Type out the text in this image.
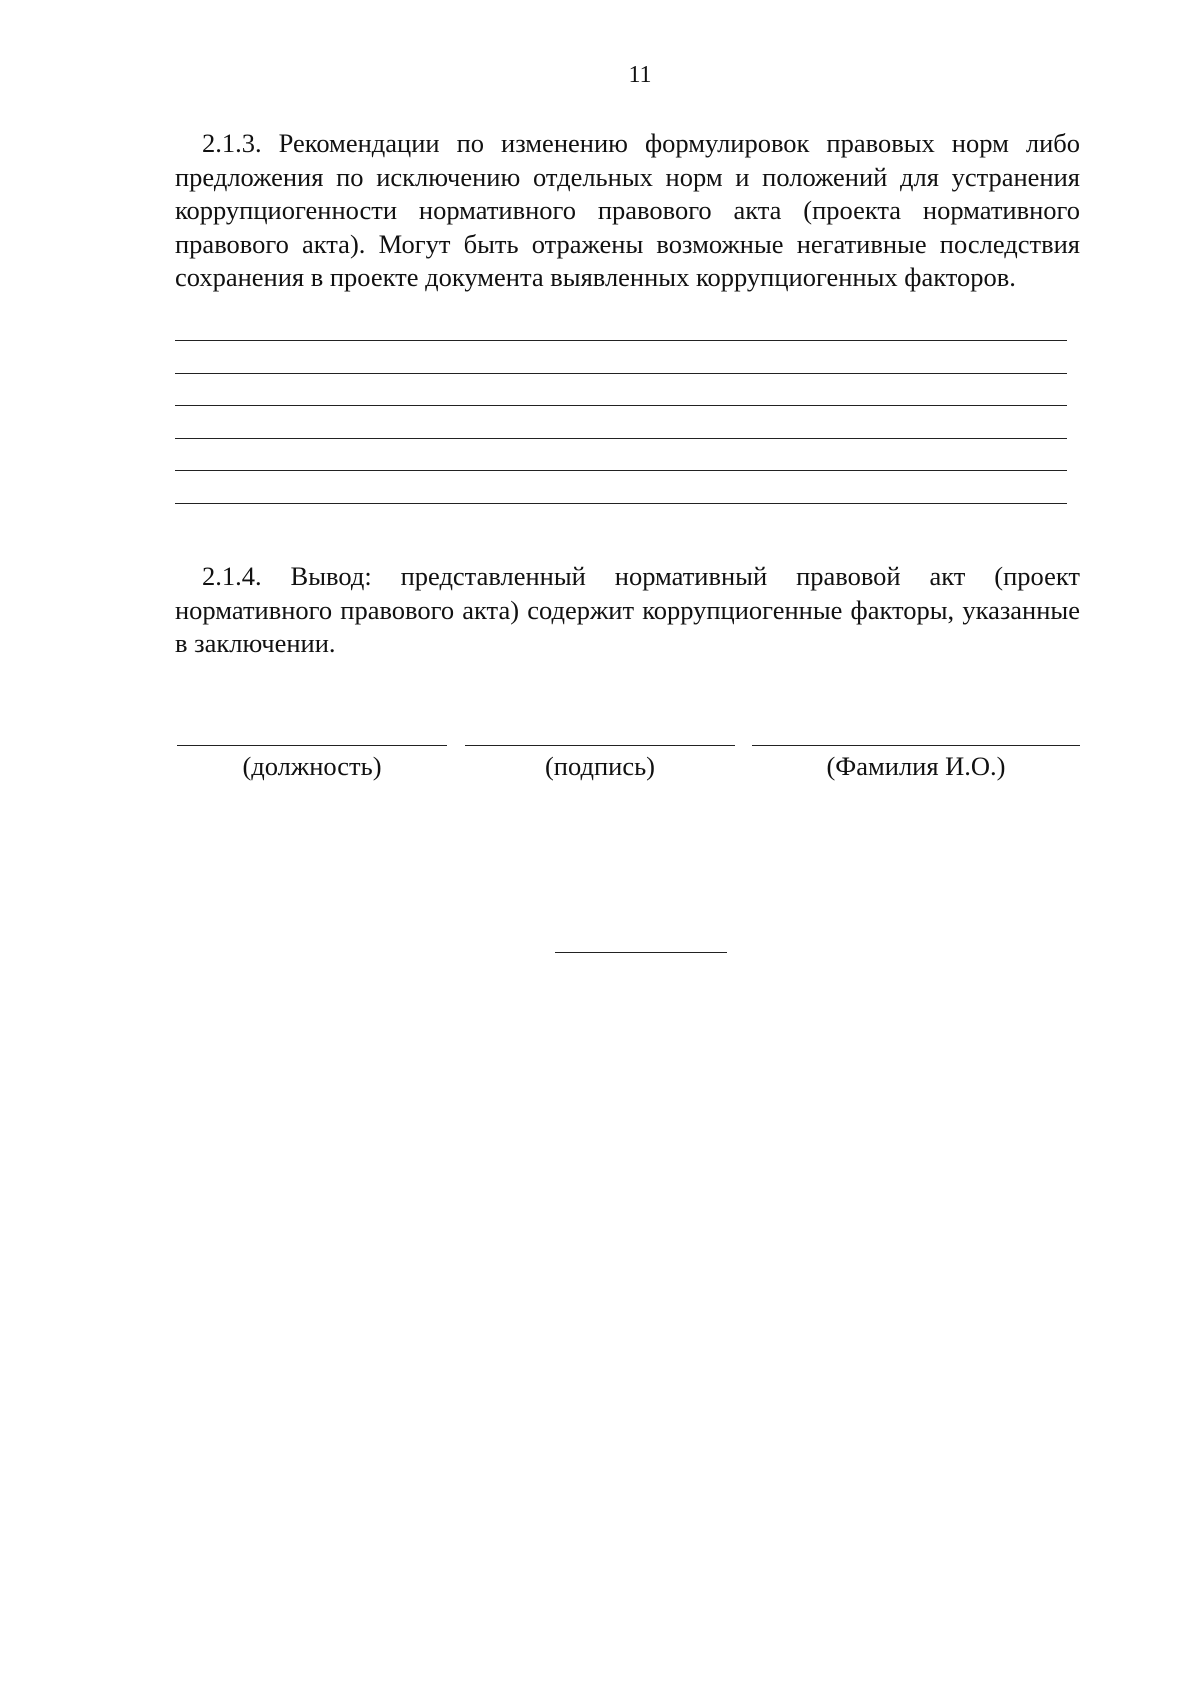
11

2.1.3. Рекомендации по изменению формулировок правовых норм либо предложения по исключению отдельных норм и положений для устранения коррупциогенности нормативного правового акта (проекта нормативного правового акта). Могут быть отражены возможные негативные последствия сохранения в проекте документа выявленных коррупциогенных факторов.

2.1.4. Вывод: представленный нормативный правовой акт (проект нормативного правового акта) содержит коррупциогенные факторы, указанные в заключении.

(должность)	(подпись)	(Фамилия И.О.)
